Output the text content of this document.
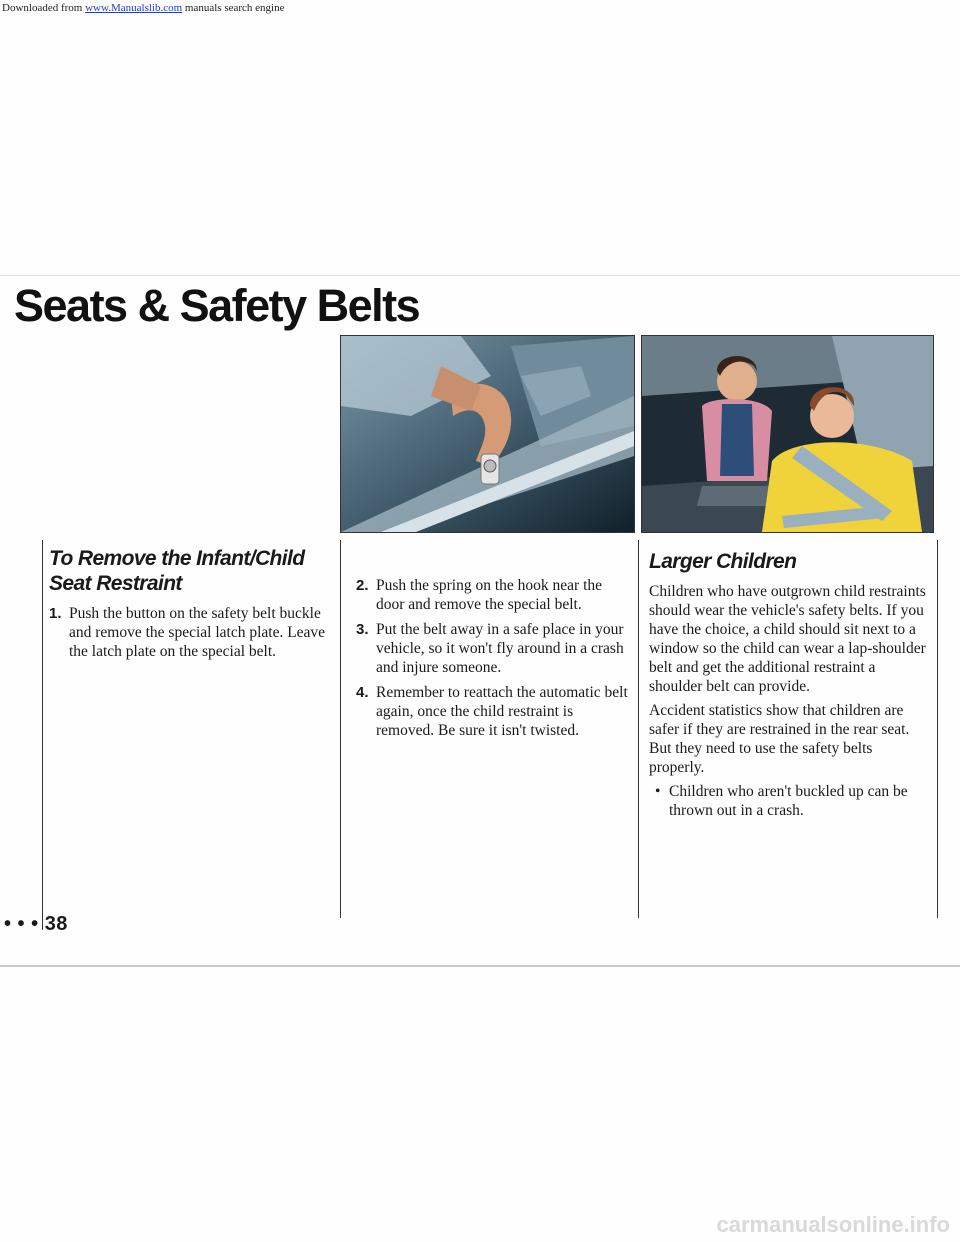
Downloaded from www.Manualslib.com manuals search engine
Seats & Safety Belts
To Remove the Infant/Child Seat Restraint
1. Push the button on the safety belt buckle and remove the special latch plate. Leave the latch plate on the special belt.
2. Push the spring on the hook near the door and remove the special belt.
3. Put the belt away in a safe place in your vehicle, so it won't fly around in a crash and injure someone.
4. Remember to reattach the automatic belt again, once the child restraint is removed. Be sure it isn't twisted.
Larger Children

Children who have outgrown child restraints should wear the vehicle's safety belts. If you have the choice, a child should sit next to a window so the child can wear a lap-shoulder belt and get the additional restraint a shoulder belt can provide.

Accident statistics show that children are safer if they are restrained in the rear seat. But they need to use the safety belts properly.

• Children who aren't buckled up can be thrown out in a crash.
• • • 38
carmanualsonline.info
